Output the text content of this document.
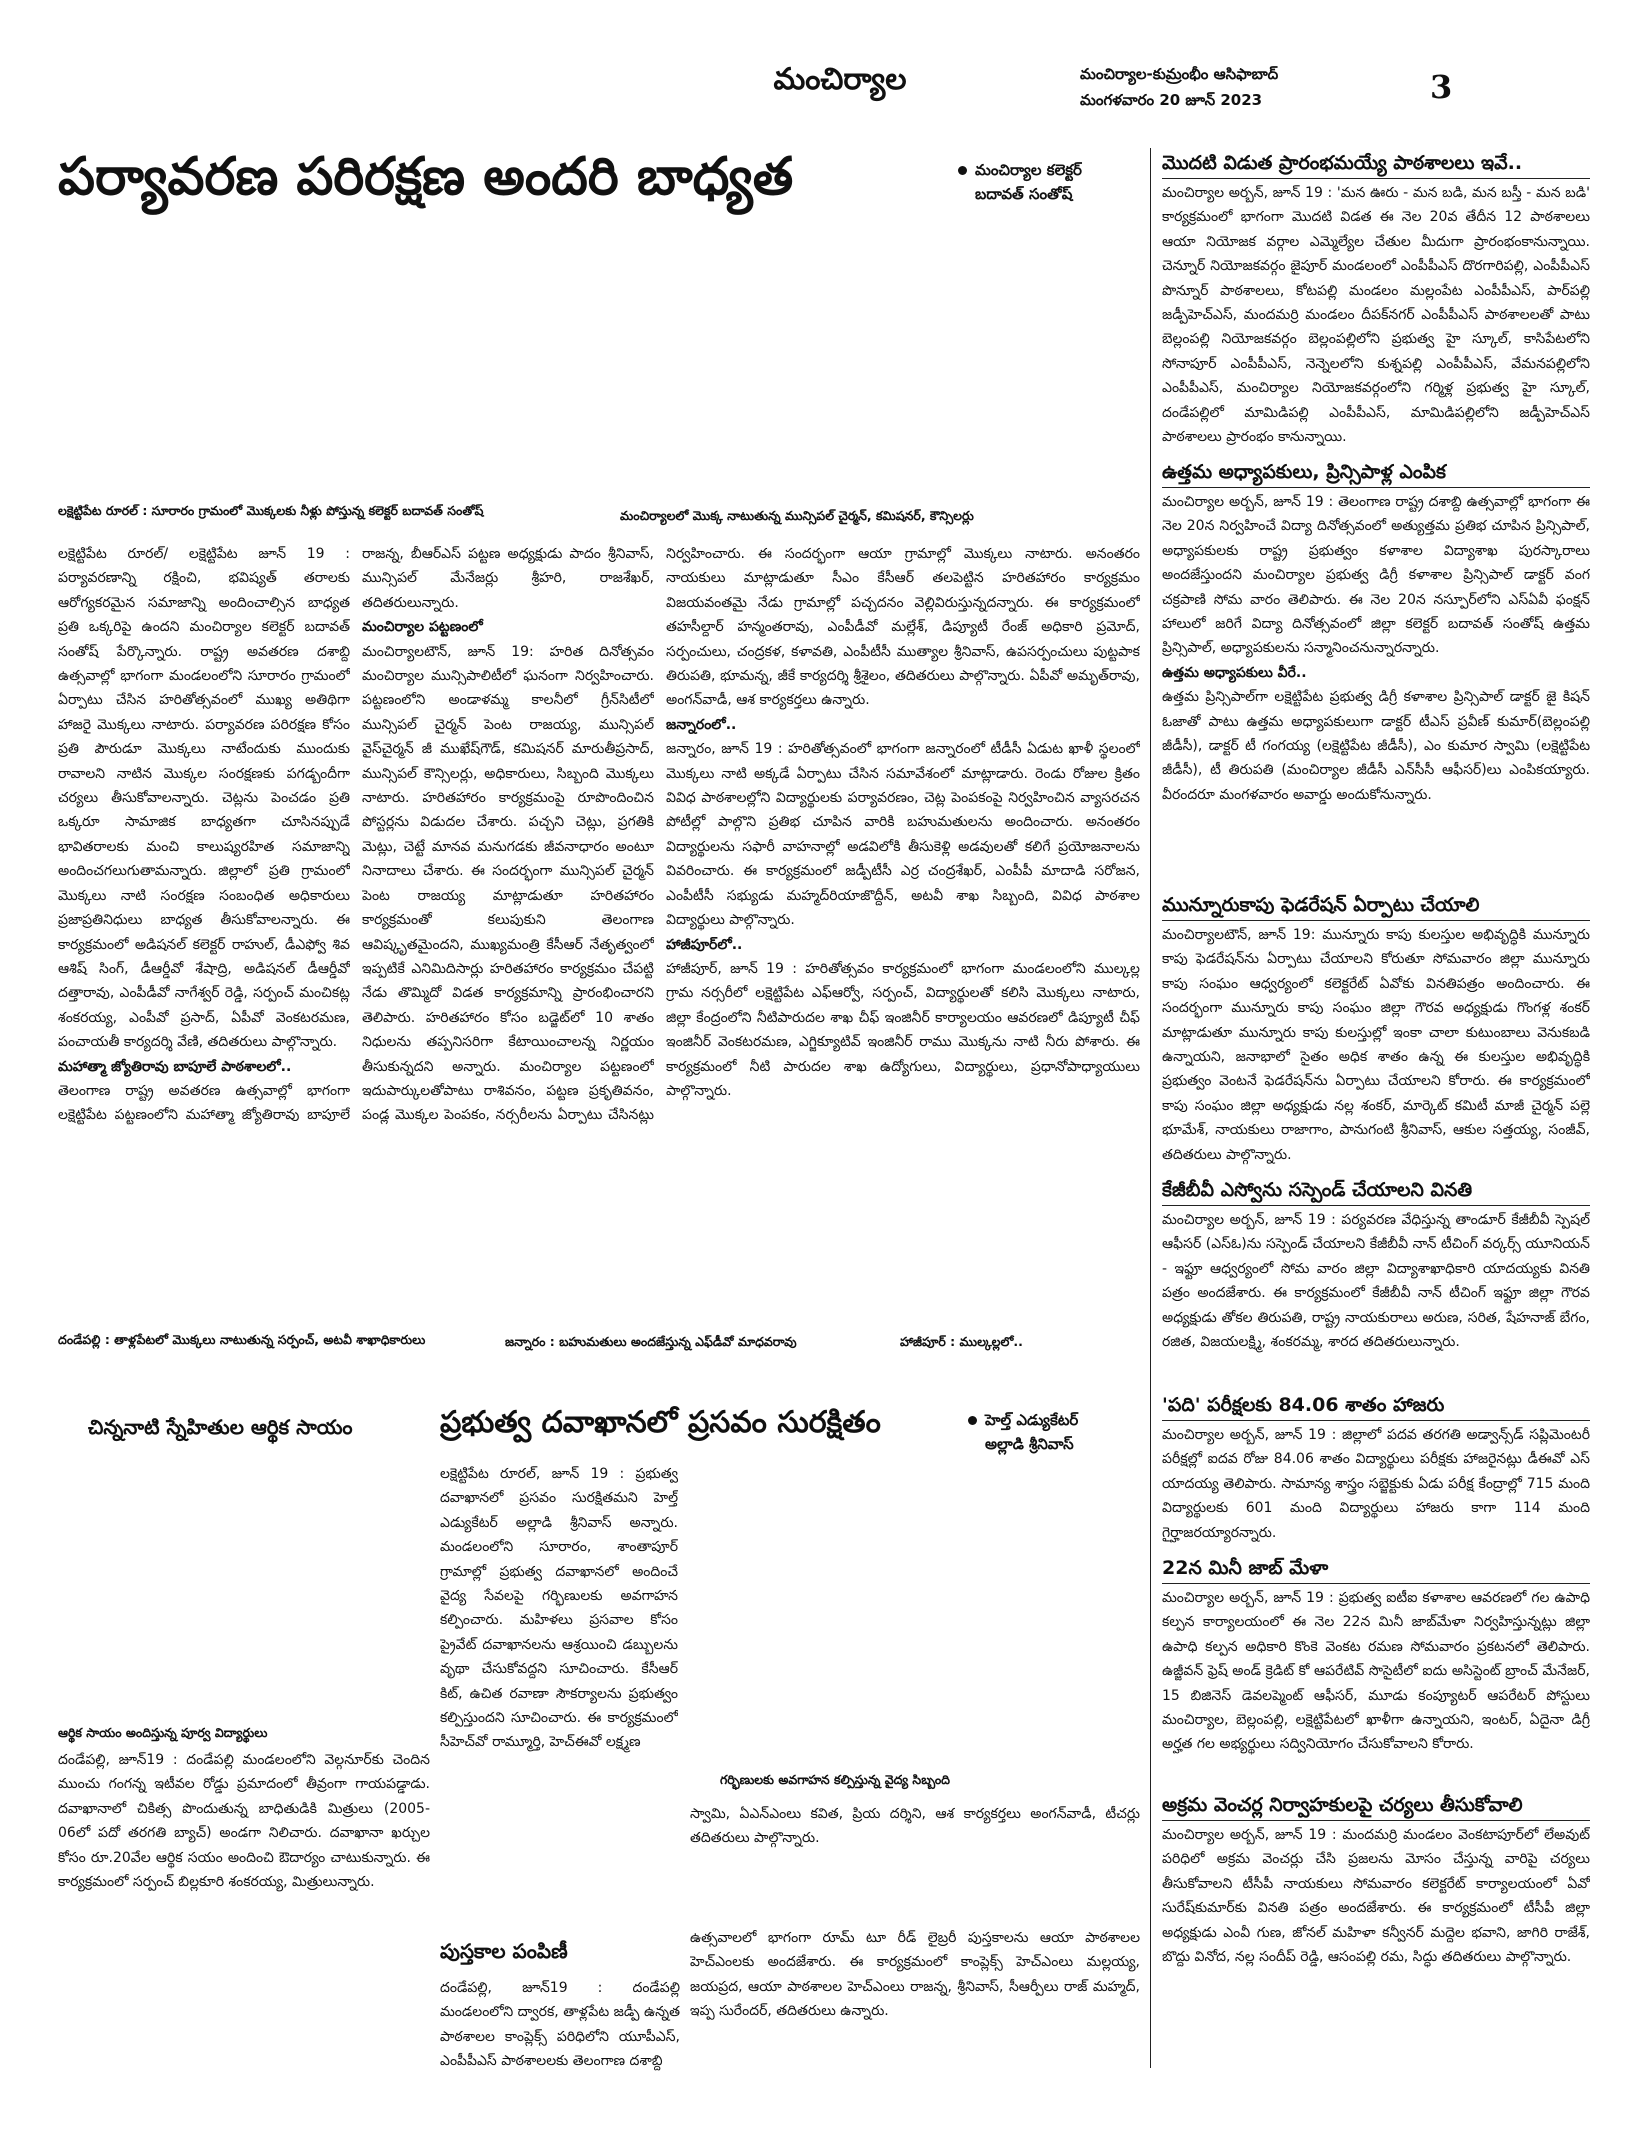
మంచిర్యాల	మంచిర్యాల-కుమ్రంభీం ఆసిఫాబాద్
మంగళవారం 20 జూన్ 2023	3
పర్యావరణ పరిరక్షణ అందరి బాధ్యత	మంచిర్యాల కలెక్టర్
బదావత్ సంతోష్
లక్షెట్టిపేట రూరల్ : సూరారం గ్రామంలో మొక్కలకు నీళ్లు పోస్తున్న కలెక్టర్ బదావత్ సంతోష్	మంచిర్యాలలో మొక్క నాటుతున్న మున్సిపల్ చైర్మన్, కమిషనర్, కౌన్సిలర్లు
లక్షెట్టిపేట రూరల్/ లక్షెట్టిపేట జూన్ 19 : పర్యావరణాన్ని రక్షించి, భవిష్యత్ తరాలకు ఆరోగ్యకరమైన సమాజాన్ని అందించాల్సిన బాధ్యత ప్రతి ఒక్కరిపై ఉందని మంచిర్యాల కలెక్టర్ బదావత్ సంతోష్ పేర్కొన్నారు. రాష్ట్ర అవతరణ దశాబ్ది ఉత్సవాల్లో భాగంగా మండలంలోని సూరారం గ్రామంలో ఏర్పాటు చేసిన హరితోత్సవంలో ముఖ్య అతిథిగా హాజరై మొక్కలు నాటారు. పర్యావరణ పరిరక్షణ కోసం ప్రతి పౌరుడూ మొక్కలు నాటేందుకు ముందుకు రావాలని నాటిన మొక్కల సంరక్షణకు పగడ్బందీగా చర్యలు తీసుకోవాలన్నారు. చెట్లను పెంచడం ప్రతి ఒక్కరూ సామాజిక బాధ్యతగా చూసినప్పుడే భావితరాలకు మంచి కాలుష్యరహిత సమాజాన్ని అందించగలుగుతామన్నారు. జిల్లాలో ప్రతి గ్రామంలో మొక్కలు నాటి సంరక్షణ సంబంధిత అధికారులు ప్రజాప్రతినిధులు బాధ్యత తీసుకోవాలన్నారు. ఈ కార్యక్రమంలో అడిషనల్ కలెక్టర్ రాహుల్, డీఎఫ్వో శివ ఆశిష్ సింగ్, డీఆర్డీవో శేషాద్రి, అడిషనల్ డీఆర్డీవో దత్తారావు, ఎంపీడీవో నాగేశ్వర్ రెడ్డి, సర్పంచ్ మంచికట్ల శంకరయ్య, ఎంపీవో ప్రసాద్, ఏపీవో వెంకటరమణ, పంచాయతీ కార్యదర్శి వేణి, తదితరులు పాల్గొన్నారు.
మహాత్మా జ్యోతిరావు బాపూలే పాఠశాలలో..
తెలంగాణ రాష్ట్ర అవతరణ ఉత్సవాల్లో భాగంగా లక్షెట్టిపేట పట్టణంలోని మహాత్మా జ్యోతిరావు బాపూలే
రాజన్న, బీఆర్ఎస్ పట్టణ అధ్యక్షుడు పాదం శ్రీనివాస్, మున్సిపల్ మేనేజర్లు శ్రీహరి, రాజశేఖర్, తదితరులున్నారు.
మంచిర్యాల పట్టణంలో
మంచిర్యాలటౌన్, జూన్ 19: హరిత దినోత్సవం మంచిర్యాల మున్సిపాలిటీలో ఘనంగా నిర్వహించారు. పట్టణంలోని అండాళమ్మ కాలనీలో గ్రీన్‌సిటీలో మున్సిపల్ చైర్మన్ పెంట రాజయ్య, మున్సిపల్ వైస్‌చైర్మన్ జీ ముఖేష్‌గౌడ్, కమిషనర్ మారుతీప్రసాద్, మున్సిపల్ కౌన్సిలర్లు, అధికారులు, సిబ్బంది మొక్కలు నాటారు. హరితహారం కార్యక్రమంపై రూపొందించిన పోస్టర్లను విడుదల చేశారు. పచ్చని చెట్లు, ప్రగతికి మెట్లు, చెట్టే మానవ మనుగడకు జీవనాధారం అంటూ నినాదాలు చేశారు. ఈ సందర్భంగా మున్సిపల్ చైర్మన్ పెంట రాజయ్య మాట్లాడుతూ హరితహారం కార్యక్రమంతో కలుపుకుని తెలంగాణ ఆవిష్కృతమైందని, ముఖ్యమంత్రి కేసీఆర్ నేతృత్వంలో ఇప్పటికే ఎనిమిదిసార్లు హరితహారం కార్యక్రమం చేపట్టి నేడు తొమ్మిదో విడత కార్యక్రమాన్ని ప్రారంభించారని తెలిపారు. హరితహారం కోసం బడ్జెట్‌లో 10 శాతం నిధులను తప్పనిసరిగా కేటాయించాలన్న నిర్ణయం తీసుకున్నదని అన్నారు. మంచిర్యాల పట్టణంలో ఇదుపార్కులతోపాటు రాశివనం, పట్టణ ప్రకృతివనం, పండ్ల మొక్కల పెంపకం, నర్సరీలను ఏర్పాటు చేసినట్లు
నిర్వహించారు. ఈ సందర్భంగా ఆయా గ్రామాల్లో మొక్కలు నాటారు. అనంతరం నాయకులు మాట్లాడుతూ సీఎం కేసీఆర్ తలపెట్టిన హరితహారం కార్యక్రమం విజయవంతమై నేడు గ్రామాల్లో పచ్చదనం వెల్లివిరుస్తున్నదన్నారు. ఈ కార్యక్రమంలో తహసీల్దార్ హన్మంతరావు, ఎంపీడీవో మల్లేశ్, డిప్యూటీ రేంజ్ అధికారి ప్రమోద్, సర్పంచులు, చంద్రకళ, కళావతి, ఎంపీటీసీ ముత్యాల శ్రీనివాస్, ఉపసర్పంచులు పుట్టపాక తిరుపతి, భూమన్న, జీకే కార్యదర్శి శ్రీశైలం, తదితరులు పాల్గొన్నారు. ఏపీవో అమృత్‌రావు, అంగన్‌వాడీ, ఆశ కార్యకర్తలు ఉన్నారు.
జన్నారంలో..
జన్నారం, జూన్ 19 : హరితోత్సవంలో భాగంగా జన్నారంలో టీడీసీ ఏడుట ఖాళీ స్థలంలో మొక్కలు నాటి అక్కడే ఏర్పాటు చేసిన సమావేశంలో మాట్లాడారు. రెండు రోజుల క్రితం వివిధ పాఠశాలల్లోని విద్యార్థులకు పర్యావరణం, చెట్ల పెంపకంపై నిర్వహించిన వ్యాసరచన పోటీల్లో పాల్గొని ప్రతిభ చూపిన వారికి బహుమతులను అందించారు. అనంతరం విద్యార్థులను సఫారీ వాహనాల్లో అడవిలోకి తీసుకెళ్లి అడవులతో కలిగే ప్రయోజనాలను వివరించారు. ఈ కార్యక్రమంలో జడ్పీటీసీ ఎర్ర చంద్రశేఖర్, ఎంపీపీ మాదాడి సరోజన, ఎంపీటీసీ సభ్యుడు మహ్మద్‌రియాజొద్దీన్, అటవీ శాఖ సిబ్బంది, వివిధ పాఠశాల విద్యార్థులు పాల్గొన్నారు.
హాజీపూర్‌లో..
హాజీపూర్, జూన్ 19 : హరితోత్సవం కార్యక్రమంలో భాగంగా మండలంలోని ముల్కల్ల గ్రామ నర్సరీలో లక్షెట్టిపేట ఎఫ్ఆర్వో, సర్పంచ్, విద్యార్థులతో కలిసి మొక్కలు నాటారు, జిల్లా కేంద్రంలోని నీటిపారుదల శాఖ చీఫ్ ఇంజినీర్ కార్యాలయం ఆవరణలో డిప్యూటీ చీఫ్ ఇంజినీర్ వెంకటరమణ, ఎగ్జిక్యూటివ్ ఇంజినీర్ రాము మొక్కను నాటి నీరు పోశారు. ఈ కార్యక్రమంలో నీటి పారుదల శాఖ ఉద్యోగులు, విద్యార్థులు, ప్రధానోపాధ్యాయులు పాల్గొన్నారు.
దండేపల్లి : తాళ్లపేటలో మొక్కలు నాటుతున్న సర్పంచ్, అటవీ శాఖాధికారులు	జన్నారం : బహుమతులు అందజేస్తున్న ఎఫ్‌డీవో మాధవరావు	హాజీపూర్ : ముల్కల్లలో..
మొదటి విడుత ప్రారంభమయ్యే పాఠశాలలు ఇవే..
మంచిర్యాల అర్బన్, జూన్ 19 : 'మన ఊరు - మన బడి, మన బస్తీ - మన బడి' కార్యక్రమంలో భాగంగా మొదటి విడత ఈ నెల 20వ తేదీన 12 పాఠశాలలు ఆయా నియోజక వర్గాల ఎమ్మెల్యేల చేతుల మీదుగా ప్రారంభంకానున్నాయి. చెన్నూర్ నియోజకవర్గం జైపూర్ మండలంలో ఎంపీపీఎస్ దొరగారిపల్లి, ఎంపీపీఎస్ పొన్నూర్ పాఠశాలలు, కోటపల్లి మండలం మల్లంపేట ఎంపీపీఎస్, పార్‌పల్లి జడ్పీహెచ్ఎస్, మందమర్రి మండలం దీపక్‌నగర్ ఎంపీపీఎస్ పాఠశాలలతో పాటు బెల్లంపల్లి నియోజకవర్గం బెల్లంపల్లిలోని ప్రభుత్వ హై స్కూల్, కాసిపేటలోని సోనాపూర్ ఎంపీపీఎస్, నెన్నెలలోని కుశ్నపల్లి ఎంపీపీఎస్, వేమనపల్లిలోని ఎంపీపీఎస్, మంచిర్యాల నియోజకవర్గంలోని గర్మిళ్ల ప్రభుత్వ హై స్కూల్, దండేపల్లిలో మామిడిపల్లి ఎంపీపీఎస్, మామిడిపల్లిలోని జడ్పీహెచ్ఎస్ పాఠశాలలు ప్రారంభం కానున్నాయి.
ఉత్తమ అధ్యాపకులు, ప్రిన్సిపాళ్ల ఎంపిక
మంచిర్యాల అర్బన్, జూన్ 19 : తెలంగాణ రాష్ట్ర దశాబ్ది ఉత్సవాల్లో భాగంగా ఈ నెల 20న నిర్వహించే విద్యా దినోత్సవంలో అత్యుత్తమ ప్రతిభ చూపిన ప్రిన్సిపాల్, అధ్యాపకులకు రాష్ట్ర ప్రభుత్వం కళాశాల విద్యాశాఖ పురస్కారాలు అందజేస్తుందని మంచిర్యాల ప్రభుత్వ డిగ్రీ కళాశాల ప్రిన్సిపాల్ డాక్టర్ వంగ చక్రపాణి సోమ వారం తెలిపారు. ఈ నెల 20న నస్పూర్‌లోని ఎస్ఏవీ ఫంక్షన్ హాలులో జరిగే విద్యా దినోత్సవంలో జిల్లా కలెక్టర్ బదావత్ సంతోష్ ఉత్తమ ప్రిన్సిపాల్, అధ్యాపకులను సన్మానించనున్నారన్నారు.
ఉత్తమ అధ్యాపకులు వీరే..
ఉత్తమ ప్రిన్సిపాల్‌గా లక్షెట్టిపేట ప్రభుత్వ డిగ్రీ కళాశాల ప్రిన్సిపాల్ డాక్టర్ జై కిషన్ ఓజాతో పాటు ఉత్తమ అధ్యాపకులుగా డాక్టర్ టీఎస్ ప్రవీణ్ కుమార్(బెల్లంపల్లి జీడీసీ), డాక్టర్ టీ గంగయ్య (లక్షెట్టిపేట జీడీసీ), ఎం కుమార స్వామి (లక్షెట్టిపేట జీడీసీ), టీ తిరుపతి (మంచిర్యాల జీడీసీ ఎన్‌సీసీ ఆఫీసర్)లు ఎంపికయ్యారు. వీరందరూ మంగళవారం అవార్డు అందుకోనున్నారు.
మున్నూరుకాపు ఫెడరేషన్ ఏర్పాటు చేయాలి
మంచిర్యాలటౌన్, జూన్ 19: మున్నూరు కాపు కులస్తుల అభివృద్ధికి మున్నూరు కాపు ఫెడరేషన్‌ను ఏర్పాటు చేయాలని కోరుతూ సోమవారం జిల్లా మున్నూరు కాపు సంఘం ఆధ్వర్యంలో కలెక్టరేట్ ఏవోకు వినతిపత్రం అందించారు. ఈ సందర్భంగా మున్నూరు కాపు సంఘం జిల్లా గౌరవ అధ్యక్షుడు గొంగళ్ల శంకర్ మాట్లాడుతూ మున్నూరు కాపు కులస్తుల్లో ఇంకా చాలా కుటుంబాలు వెనుకబడి ఉన్నాయని, జనాభాలో సైతం అధిక శాతం ఉన్న ఈ కులస్తుల అభివృద్ధికి ప్రభుత్వం వెంటనే ఫెడరేషన్‌ను ఏర్పాటు చేయాలని కోరారు. ఈ కార్యక్రమంలో కాపు సంఘం జిల్లా అధ్యక్షుడు నల్ల శంకర్, మార్కెట్ కమిటీ మాజీ చైర్మన్ పల్లె భూమేశ్, నాయకులు రాజాగాం, పానుగంటి శ్రీనివాస్, ఆకుల సత్తయ్య, సంజీవ్, తదితరులు పాల్గొన్నారు.
కేజీబీవీ ఎస్వోను సస్పెండ్ చేయాలని వినతి
మంచిర్యాల అర్బన్, జూన్ 19 : పర్యవరణ వేధిస్తున్న తాండూర్ కేజీబీవీ స్పెషల్ ఆఫీసర్ (ఎస్ఓ)ను సస్పెండ్ చేయాలని కేజీబీవీ నాన్ టీచింగ్ వర్కర్స్ యూనియన్ - ఇఫ్టూ ఆధ్వర్యంలో సోమ వారం జిల్లా విద్యాశాఖాధికారి యాదయ్యకు వినతి పత్రం అందజేశారు. ఈ కార్యక్రమంలో కేజీబీవీ నాన్ టీచింగ్ ఇఫ్టూ జిల్లా గౌరవ అధ్యక్షుడు తోకల తిరుపతి, రాష్ట్ర నాయకురాలు అరుణ, సరిత, షేహనాజ్ బేగం, రజిత, విజయలక్ష్మి, శంకరమ్మ, శారద తదితరులున్నారు.
'పది' పరీక్షలకు 84.06 శాతం హాజరు
మంచిర్యాల అర్బన్, జూన్ 19 : జిల్లాలో పదవ తరగతి అడ్వాన్స్‌డ్ సప్లిమెంటరీ పరీక్షల్లో ఐదవ రోజు 84.06 శాతం విద్యార్థులు పరీక్షకు హాజరైనట్లు డీఈవో ఎస్ యాదయ్య తెలిపారు. సామాన్య శాస్త్రం సబ్జెక్టుకు ఏడు పరీక్ష కేంద్రాల్లో 715 మంది విద్యార్థులకు 601 మంది విద్యార్థులు హాజరు కాగా 114 మంది గైర్హాజరయ్యారన్నారు.
22న మినీ జాబ్ మేళా
మంచిర్యాల అర్బన్, జూన్ 19 : ప్రభుత్వ ఐటీఐ కళాశాల ఆవరణలో గల ఉపాధి కల్పన కార్యాలయంలో ఈ నెల 22న మినీ జాబ్‌మేళా నిర్వహిస్తున్నట్లు జిల్లా ఉపాధి కల్పన అధికారి కొంకె వెంకట రమణ సోమవారం ప్రకటనలో తెలిపారు. ఉజ్జీవన్ ఫ్రెష్ అండ్ క్రెడిట్ కో ఆపరేటివ్ సొసైటీలో ఐదు అసిస్టెంట్ బ్రాంచ్ మేనేజర్, 15 బిజినెస్ డెవలప్మెంట్ ఆఫీసర్, మూడు కంప్యూటర్ ఆపరేటర్ పోస్టులు మంచిర్యాల, బెల్లంపల్లి, లక్షెట్టిపేటలో ఖాళీగా ఉన్నాయని, ఇంటర్, ఏదైనా డిగ్రీ అర్హత గల అభ్యర్థులు సద్వినియోగం చేసుకోవాలని కోరారు.
అక్రమ వెంచర్ల నిర్వాహకులపై చర్యలు తీసుకోవాలి
మంచిర్యాల అర్బన్, జూన్ 19 : మందమర్రి మండలం వెంకటాపూర్‌లో లేఅవుట్ పరిధిలో అక్రమ వెంచర్లు చేసి ప్రజలను మోసం చేస్తున్న వారిపై చర్యలు తీసుకోవాలని టీసీపీ నాయకులు సోమవారం కలెక్టరేట్ కార్యాలయంలో ఏవో సురేష్‌కుమార్‌కు వినతి పత్రం అందజేశారు. ఈ కార్యక్రమంలో టీసీపీ జిల్లా అధ్యక్షుడు ఎంవీ గుణ, జోనల్ మహిళా కన్వీనర్ మద్దెల భవాని, జాగిరి రాజేశ్, బొద్దు వినోద, నల్ల సందీప్ రెడ్డి, ఆసంపల్లి రమ, సిద్ధు తదితరులు పాల్గొన్నారు.
చిన్ననాటి స్నేహితుల ఆర్థిక సాయం
ఆర్థిక సాయం అందిస్తున్న పూర్వ విద్యార్థులు
దండేపల్లి, జూన్19 : దండేపల్లి మండలంలోని వెల్గనూర్‌కు చెందిన ముంచు గంగన్న ఇటీవల రోడ్డు ప్రమాదంలో తీవ్రంగా గాయపడ్డాడు. దవాఖానాలో చికిత్స పొందుతున్న బాధితుడికి మిత్రులు (2005-06లో పదో తరగతి బ్యాచ్) అండగా నిలిచారు. దవాఖానా ఖర్చుల కోసం రూ.20వేల ఆర్థిక సయం అందించి ఔదార్యం చాటుకున్నారు. ఈ కార్యక్రమంలో సర్పంచ్ బిల్లకూరి శంకరయ్య, మిత్రులున్నారు.
ప్రభుత్వ దవాఖానలో ప్రసవం సురక్షితం	హెల్త్ ఎడ్యుకేటర్
అల్లాడి శ్రీనివాస్
లక్షెట్టిపేట రూరల్, జూన్ 19 : ప్రభుత్వ దవాఖానలో ప్రసవం సురక్షితమని హెల్త్ ఎడ్యుకేటర్ అల్లాడి శ్రీనివాస్ అన్నారు. మండలంలోని సూరారం, శాంతాపూర్ గ్రామాల్లో ప్రభుత్వ దవాఖానలో అందించే వైద్య సేవలపై గర్భిణులకు అవగాహన కల్పించారు. మహిళలు ప్రసవాల కోసం ప్రైవేట్ దవాఖానలను ఆశ్రయించి డబ్బులను వృథా చేసుకోవద్దని సూచించారు. కేసీఆర్ కిట్, ఉచిత రవాణా సౌకర్యాలను ప్రభుత్వం కల్పిస్తుందని సూచించారు. ఈ కార్యక్రమంలో సీహెచ్‌వో రామ్మూర్తి, హెచ్ఈవో లక్ష్మణ
గర్భిణులకు అవగాహన కల్పిస్తున్న వైద్య సిబ్బంది
స్వామి, ఏఎన్ఎంలు కవిత, ప్రియ దర్శిని, ఆశ కార్యకర్తలు అంగన్‌వాడీ, టీచర్లు తదితరులు పాల్గొన్నారు.
పుస్తకాల పంపిణీ
దండేపల్లి, జూన్19 : దండేపల్లి మండలంలోని ద్వారక, తాళ్లపేట జడ్పీ ఉన్నత పాఠశాలల కాంప్లెక్స్ పరిధిలోని యూపీఎస్, ఎంపీపీఎస్ పాఠశాలలకు తెలంగాణ దశాబ్ది
ఉత్సవాలలో భాగంగా రూమ్ టూ రీడ్ లైబ్రరీ పుస్తకాలను ఆయా పాఠశాలల హెచ్ఎంలకు అందజేశారు. ఈ కార్యక్రమంలో కాంప్లెక్స్ హెచ్ఎంలు మల్లయ్య, జయప్రద, ఆయా పాఠశాలల హెచ్ఎంలు రాజన్న, శ్రీనివాస్, సీఆర్పీలు రాజ్ మహ్మద్, ఇప్ప సురేందర్, తదితరులు ఉన్నారు.
